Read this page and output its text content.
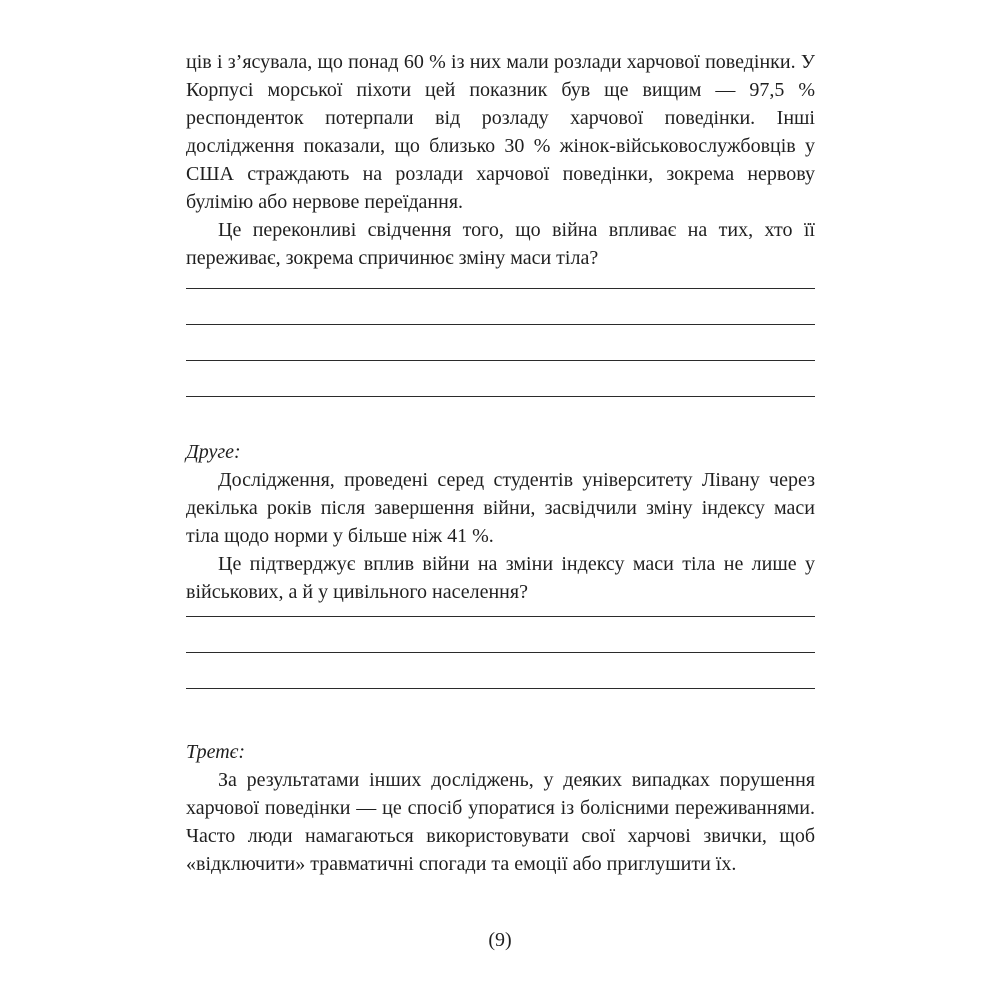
ців і з’ясувала, що понад 60 % із них мали розлади харчової поведінки. У Корпусі морської піхоти цей показник був ще вищим — 97,5 % респонденток потерпали від розладу харчової поведінки. Інші дослідження показали, що близько 30 % жінок-військовослужбовців у США страждають на розлади харчової поведінки, зокрема нервову булімію або нервове переїдання.

Це переконливі свідчення того, що війна впливає на тих, хто її переживає, зокрема спричинює зміну маси тіла?

Друге:

Дослідження, проведені серед студентів університету Лівану через декілька років після завершення війни, засвідчили зміну індексу маси тіла щодо норми у більше ніж 41 %.

Це підтверджує вплив війни на зміни індексу маси тіла не лише у військових, а й у цивільного населення?

Третє:

За результатами інших досліджень, у деяких випадках порушення харчової поведінки — це спосіб упоратися із болісними переживаннями. Часто люди намагаються використовувати свої харчові звички, щоб «відключити» травматичні спогади та емоції або приглушити їх.

(9)
